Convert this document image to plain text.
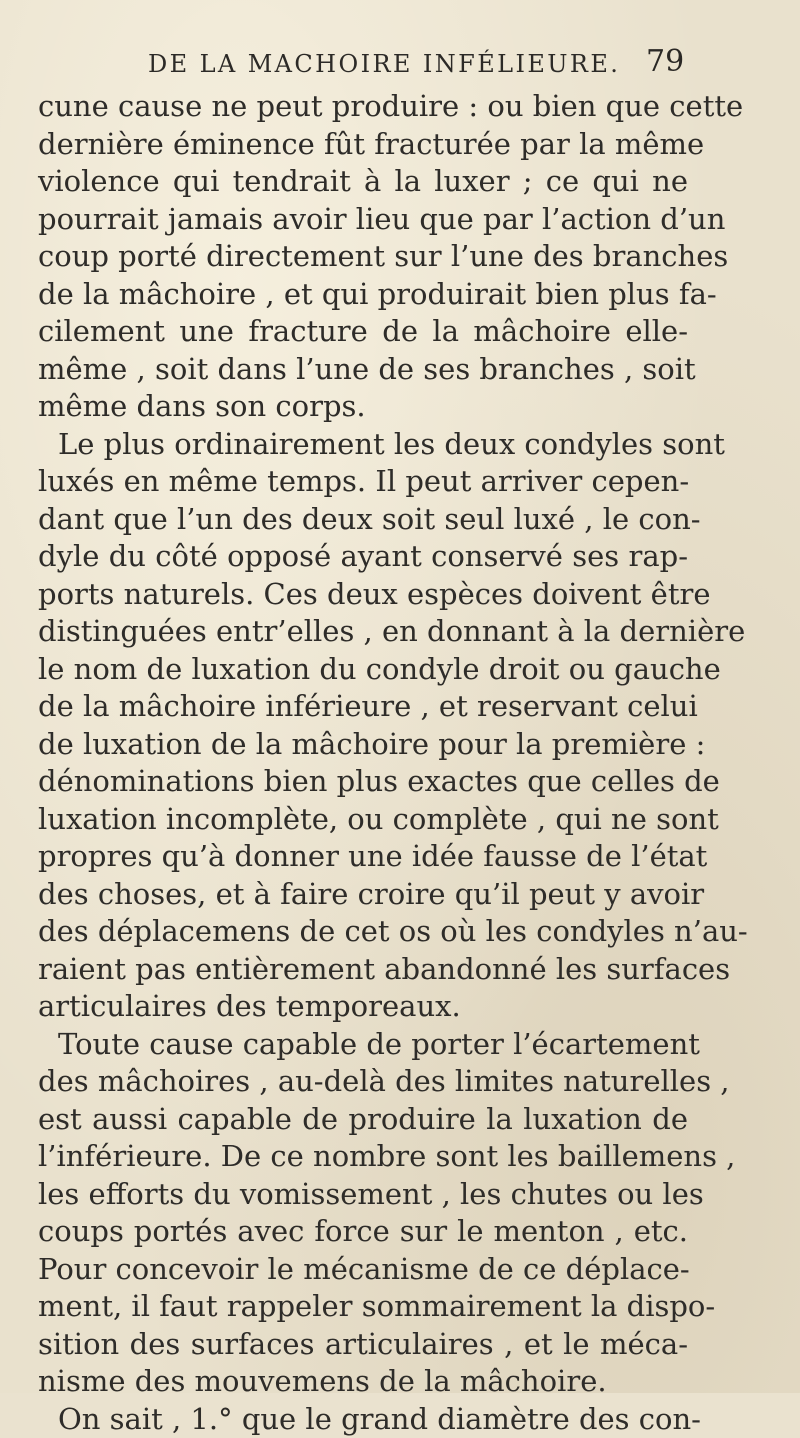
DE LA MACHOIRE INFÉLIEURE. 79
cune cause ne peut produire : ou bien que cette
dernière éminence fût fracturée par la même
violence qui tendrait à la luxer ; ce qui ne
pourrait jamais avoir lieu que par l’action d’un
coup porté directement sur l’une des branches
de la mâchoire , et qui produirait bien plus fa-
cilement une fracture de la mâchoire elle-
même , soit dans l’une de ses branches , soit
même dans son corps.
Le plus ordinairement les deux condyles sont
luxés en même temps. Il peut arriver cepen-
dant que l’un des deux soit seul luxé , le con-
dyle du côté opposé ayant conservé ses rap-
ports naturels. Ces deux espèces doivent être
distinguées entr’elles , en donnant à la dernière
le nom de luxation du condyle droit ou gauche
de la mâchoire inférieure , et reservant celui
de luxation de la mâchoire pour la première :
dénominations bien plus exactes que celles de
luxation incomplète, ou complète , qui ne sont
propres qu’à donner une idée fausse de l’état
des choses, et à faire croire qu’il peut y avoir
des déplacemens de cet os où les condyles n’au-
raient pas entièrement abandonné les surfaces
articulaires des temporeaux.
Toute cause capable de porter l’écartement
des mâchoires , au-delà des limites naturelles ,
est aussi capable de produire la luxation de
l’inférieure. De ce nombre sont les baillemens ,
les efforts du vomissement , les chutes ou les
coups portés avec force sur le menton , etc.
Pour concevoir le mécanisme de ce déplace-
ment, il faut rappeler sommairement la dispo-
sition des surfaces articulaires , et le méca-
nisme des mouvemens de la mâchoire.
On sait , 1.° que le grand diamètre des con-
